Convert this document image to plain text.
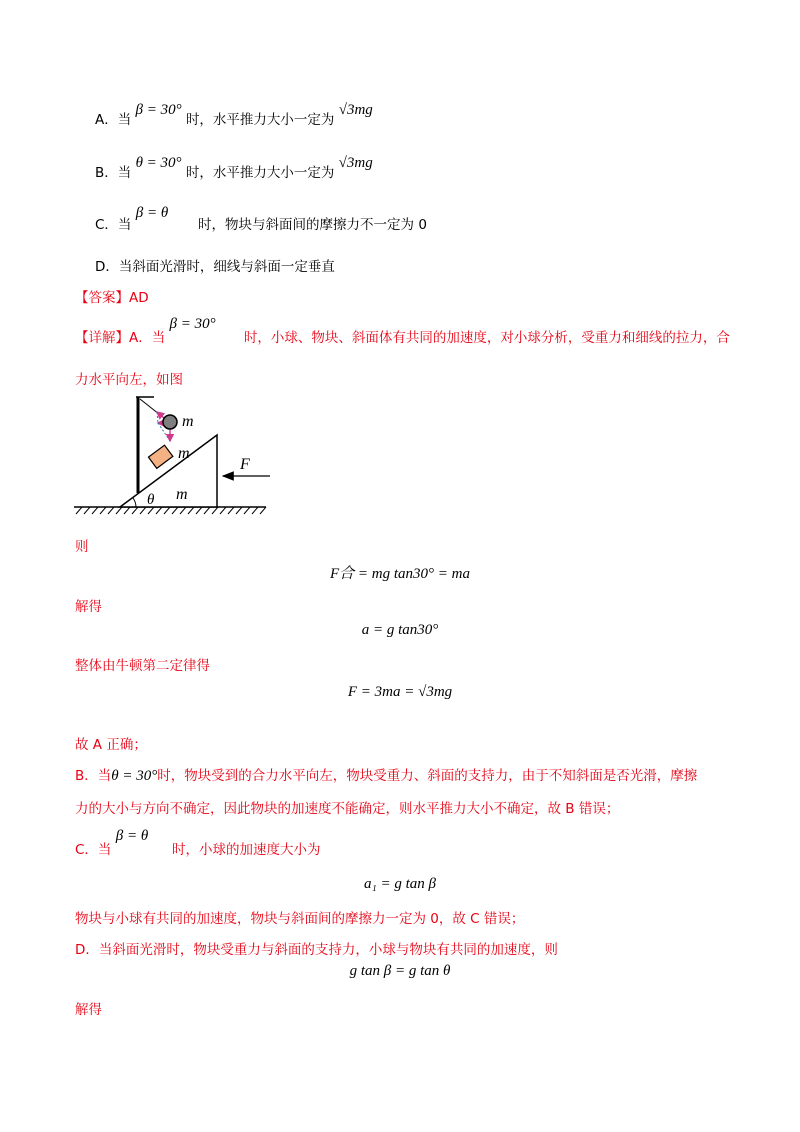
A．当 β = 30° 时，水平推力大小一定为 √3mg
B．当 θ = 30° 时，水平推力大小一定为 √3mg
C．当 β = θ 时，物块与斜面间的摩擦力不一定为 0
D．当斜面光滑时，细线与斜面一定垂直
【答案】AD
【详解】A．当 β = 30° 时，小球、物块、斜面体有共同的加速度，对小球分析，受重力和细线的拉力，合
力水平向左，如图
m
m
m
F
θ
则
F合 = mg tan30° = ma
解得
a = g tan30°
整体由牛顿第二定律得
F = 3ma = √3mg
故 A 正确；
B．当θ = 30°时，物块受到的合力水平向左，物块受重力、斜面的支持力，由于不知斜面是否光滑，摩擦
力的大小与方向不确定，因此物块的加速度不能确定，则水平推力大小不确定，故 B 错误；
C．当 β = θ 时，小球的加速度大小为
a₁ = g tan β
物块与小球有共同的加速度，物块与斜面间的摩擦力一定为 0，故 C 错误；
D．当斜面光滑时，物块受重力与斜面的支持力，小球与物块有共同的加速度，则
g tan β = g tan θ
解得
